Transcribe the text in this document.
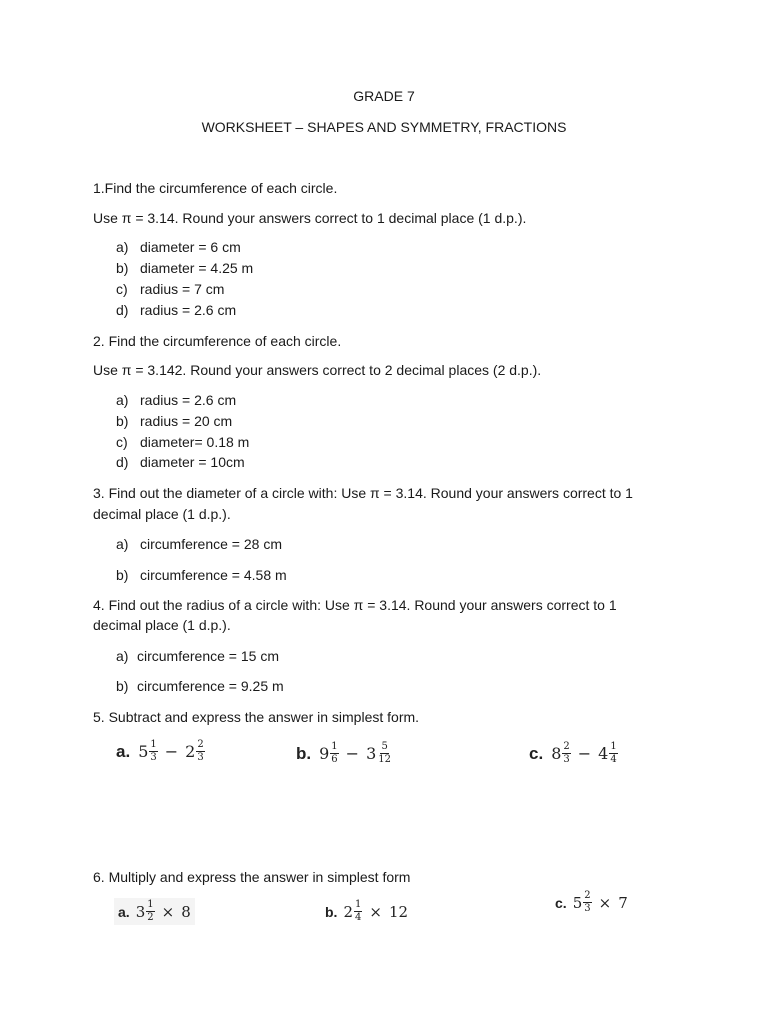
GRADE 7
WORKSHEET – SHAPES AND SYMMETRY, FRACTIONS
1.Find the circumference of each circle.
Use π = 3.14. Round your answers correct to 1 decimal place (1 d.p.).
a) diameter = 6 cm
b) diameter = 4.25 m
c) radius = 7 cm
d) radius = 2.6 cm
2. Find the circumference of each circle.
Use π = 3.142. Round your answers correct to 2 decimal places (2 d.p.).
a) radius = 2.6 cm
b) radius = 20 cm
c) diameter= 0.18 m
d) diameter = 10cm
3. Find out the diameter of a circle with: Use π = 3.14. Round your answers correct to 1
decimal place (1 d.p.).
a) circumference = 28 cm
b) circumference = 4.58 m
4. Find out the radius of a circle with: Use π = 3.14. Round your answers correct to 1
decimal place (1 d.p.).
a) circumference = 15 cm
b) circumference = 9.25 m
5. Subtract and express the answer in simplest form.
a. $5 \frac{1}{3} - 2 \frac{2}{3}$	b. $9 \frac{1}{6} - 3 \frac{5}{12}$	c. $8 \frac{2}{3} - 4 \frac{1}{4}$
6. Multiply and express the answer in simplest form
a. $3 \frac{1}{2} \times 8$	b. $2 \frac{1}{4} \times 12$	c. $5 \frac{2}{3} \times 7$
